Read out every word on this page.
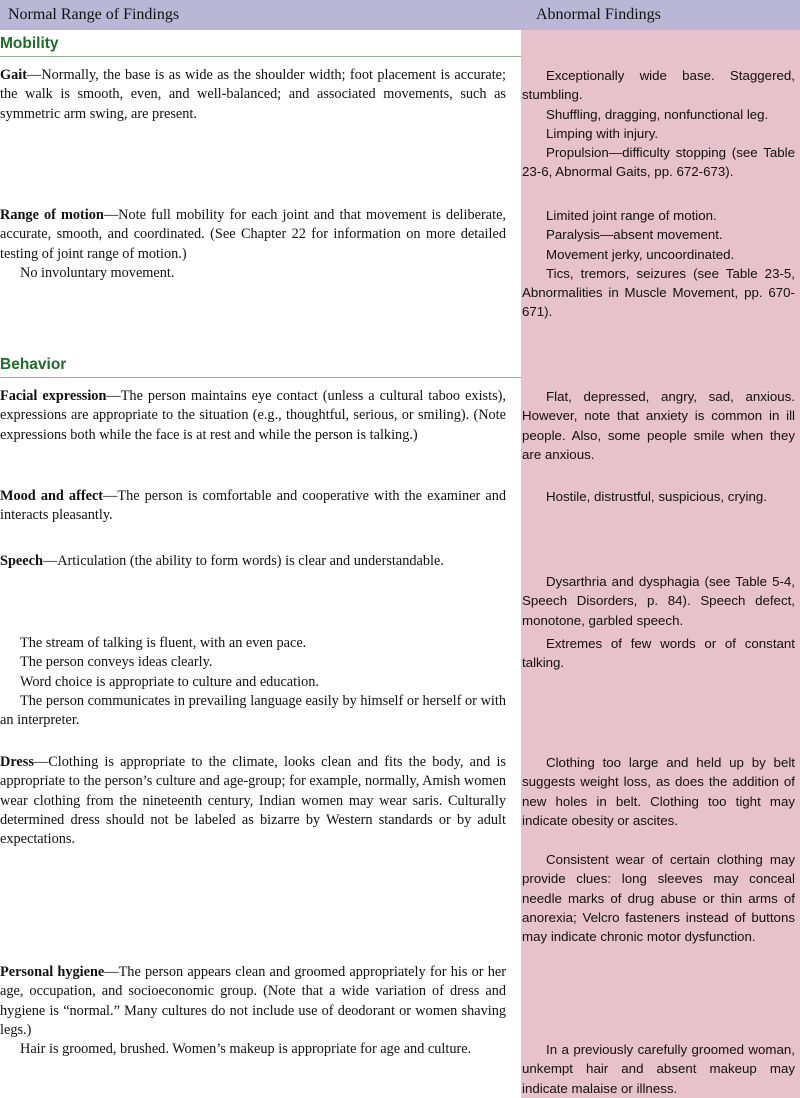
Normal Range of Findings	Abnormal Findings
Mobility

Gait—Normally, the base is as wide as the shoulder width; foot placement is accurate; the walk is smooth, even, and well-balanced; and associated movements, such as symmetric arm swing, are present.

Exceptionally wide base. Staggered, stumbling.

Shuffling, dragging, nonfunctional leg.

Limping with injury.

Propulsion—difficulty stopping (see Table 23-6, Abnormal Gaits, pp. 672-673).

Range of motion—Note full mobility for each joint and that movement is deliberate, accurate, smooth, and coordinated. (See Chapter 22 for information on more detailed testing of joint range of motion.)

No involuntary movement.

Limited joint range of motion.

Paralysis—absent movement.

Movement jerky, uncoordinated.

Tics, tremors, seizures (see Table 23-5, Abnormalities in Muscle Movement, pp. 670-671).

Behavior

Facial expression—The person maintains eye contact (unless a cultural taboo exists), expressions are appropriate to the situation (e.g., thoughtful, serious, or smiling). (Note expressions both while the face is at rest and while the person is talking.)

Flat, depressed, angry, sad, anxious. However, note that anxiety is common in ill people. Also, some people smile when they are anxious.

Mood and affect—The person is comfortable and cooperative with the examiner and interacts pleasantly.

Hostile, distrustful, suspicious, crying.

Speech—Articulation (the ability to form words) is clear and understandable.

Dysarthria and dysphagia (see Table 5-4, Speech Disorders, p. 84). Speech defect, monotone, garbled speech.

The stream of talking is fluent, with an even pace.

The person conveys ideas clearly.

Word choice is appropriate to culture and education.

The person communicates in prevailing language easily by himself or herself or with an interpreter.

Extremes of few words or of constant talking.

Dress—Clothing is appropriate to the climate, looks clean and fits the body, and is appropriate to the person’s culture and age-group; for example, normally, Amish women wear clothing from the nineteenth century, Indian women may wear saris. Culturally determined dress should not be labeled as bizarre by Western standards or by adult expectations.

Clothing too large and held up by belt suggests weight loss, as does the addition of new holes in belt. Clothing too tight may indicate obesity or ascites.

Consistent wear of certain clothing may provide clues: long sleeves may conceal needle marks of drug abuse or thin arms of anorexia; Velcro fasteners instead of buttons may indicate chronic motor dysfunction.

Personal hygiene—The person appears clean and groomed appropriately for his or her age, occupation, and socioeconomic group. (Note that a wide variation of dress and hygiene is “normal.” Many cultures do not include use of deodorant or women shaving legs.)

Hair is groomed, brushed. Women’s makeup is appropriate for age and culture.	In a previously carefully groomed woman, unkempt hair and absent makeup may indicate malaise or illness.
